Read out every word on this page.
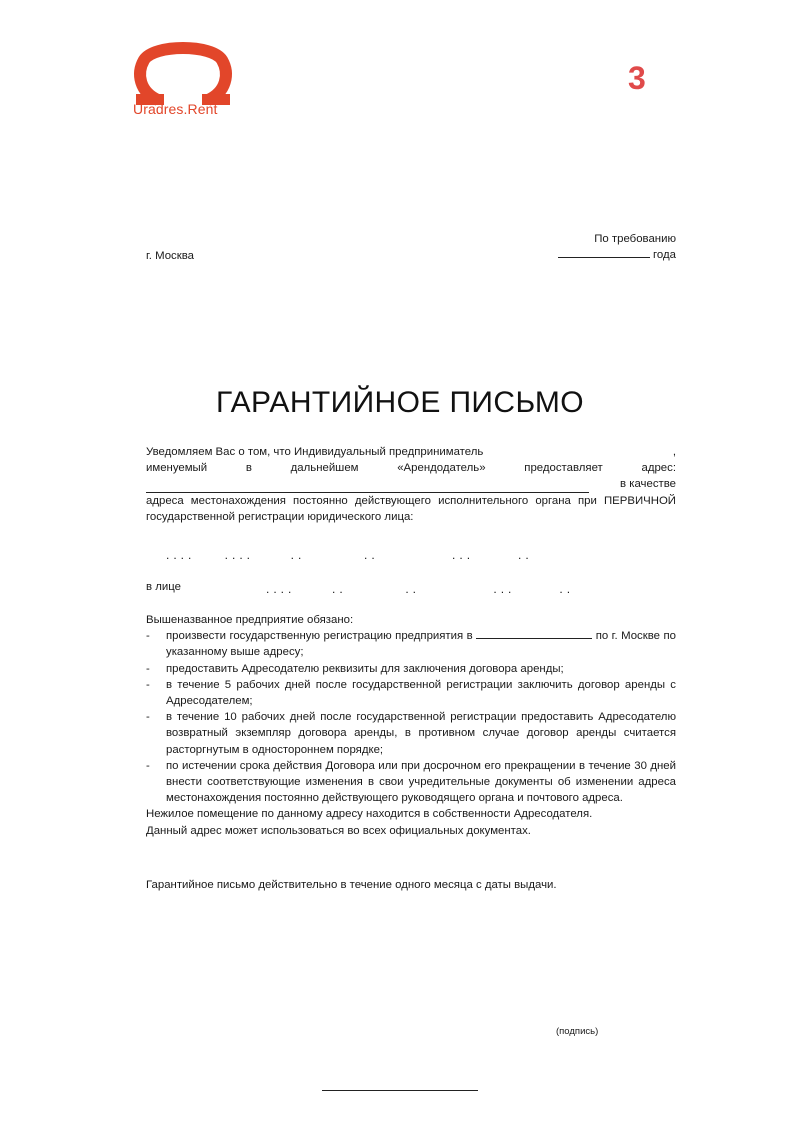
Uradres.Rent
3
По требованию
года
г. Москва
ГАРАНТИЙНОЕ ПИСЬМО
Уведомляем Вас о том, что Индивидуальный предприниматель	,
именуемый в дальнейшем «Арендодатель» предоставляет адрес:
в качестве
адреса местонахождения постоянно действующего исполнительного органа при ПЕРВИЧНОЙ государственной регистрации юридического лица:
....    ....     ..        ..          ...      ..
в лице	....     ..        ..          ...      ..
Вышеназванное предприятие обязано:
- произвести государственную регистрацию предприятия в	по г. Москве по указанному выше адресу;
- предоставить Адресодателю реквизиты для заключения договора аренды;
- в течение 5 рабочих дней после государственной регистрации заключить договор аренды с Адресодателем;
- в течение 10 рабочих дней после государственной регистрации предоставить Адресодателю возвратный экземпляр договора аренды, в противном случае договор аренды считается расторгнутым в одностороннем порядке;
- по истечении срока действия Договора или при досрочном его прекращении в течение 30 дней внести соответствующие изменения в свои учредительные документы об изменении адреса местонахождения постоянно действующего руководящего органа и почтового адреса.
Нежилое помещение по данному адресу находится в собственности Адресодателя.
Данный адрес может использоваться во всех официальных документах.
Гарантийное письмо действительно в течение одного месяца с даты выдачи.
(подпись)
